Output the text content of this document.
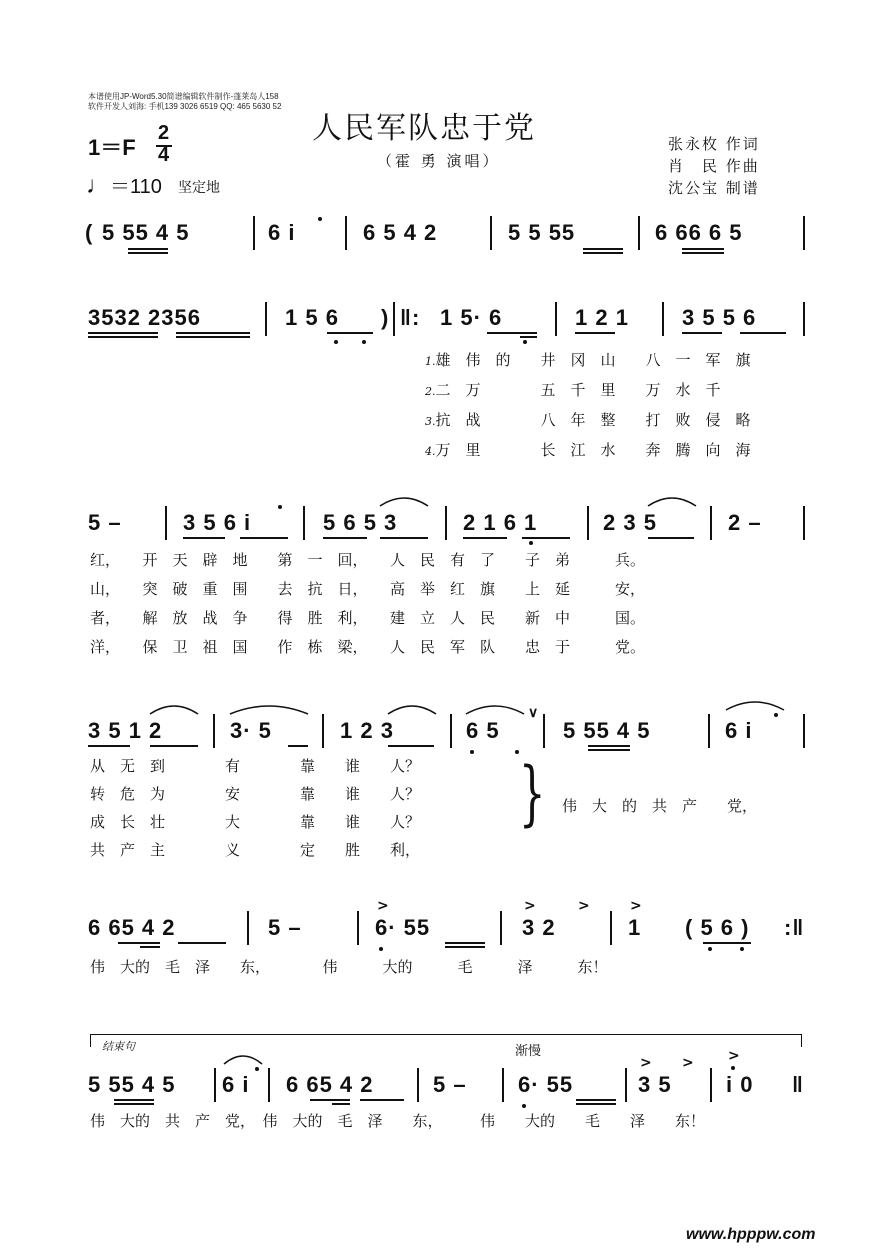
本谱使用JP-Word5.30简谱编辑软件制作-蓬莱岛人158
软件开发人刘海: 手机139 3026 6519 QQ: 465 5630 52
人民军队忠于党
（霍 勇 演唱）
1＝F
2
4
♩＝110 坚定地
张永枚 作词
肖　民 作曲
沈公宝 制谱
( 5 55 4 5	6 i	6 5 4 2	5 5 55	6 66 6 5
3532 2356	1 5 6 ) ‖: 1 5· 6	1 2 1 3 5 5 6
1.雄　伟　的　　井　冈　山　　八　一　军　旗
2.二　万　　　　五　千　里　　万　水　千
3.抗　战　　　　八　年　整　　打　败　侵　略
4.万　里　　　　长　江　水　　奔　腾　向　海
5 –	3 5 6 i	5 6 5 3	2 1 6 1	2 3 5	2 –
红，　　开　天　辟　地　　第　一　回，　　人　民　有　了　　子　弟　　　兵。
山，　　突　破　重　围　　去　抗　日，　　高　举　红　旗　　上　延　　　安，
者，　　解　放　战　争　　得　胜　利，　　建　立　人　民　　新　中　　　国。
洋，　　保　卫　祖　国　　作　栋　梁，　　人　民　军　队　　忠　于　　　党。
3 5 1 2	3· 5	1 2 3	6 5
∨
5 55 4 5	6 i
从　无　到　　　　有　　　　靠　　谁　　人？
转　危　为　　　　安　　　　靠　　谁　　人？
成　长　壮　　　　大　　　　靠　　谁　　人？
共　产　主　　　　义　　　　定　　胜　　利，
} 伟　大　的　共　产　　党，
6 65 4 2	5 –
>
6· 55
>	>
3 2
>
1 ( 5 6 ) :‖
伟　大的　毛　泽　　东，　　　　伟　　　大的　　　毛　　　泽　　　东！
结束句	渐慢
5 55 4 5 6 i 6 65 4 2	5 – 6· 55
> >
3 5
>
i 0 ‖
伟　大的　共　产　党，　伟　大的　毛　泽　　东，　　　伟　　大的　　毛　　泽　　东！
www.hpppw.com
